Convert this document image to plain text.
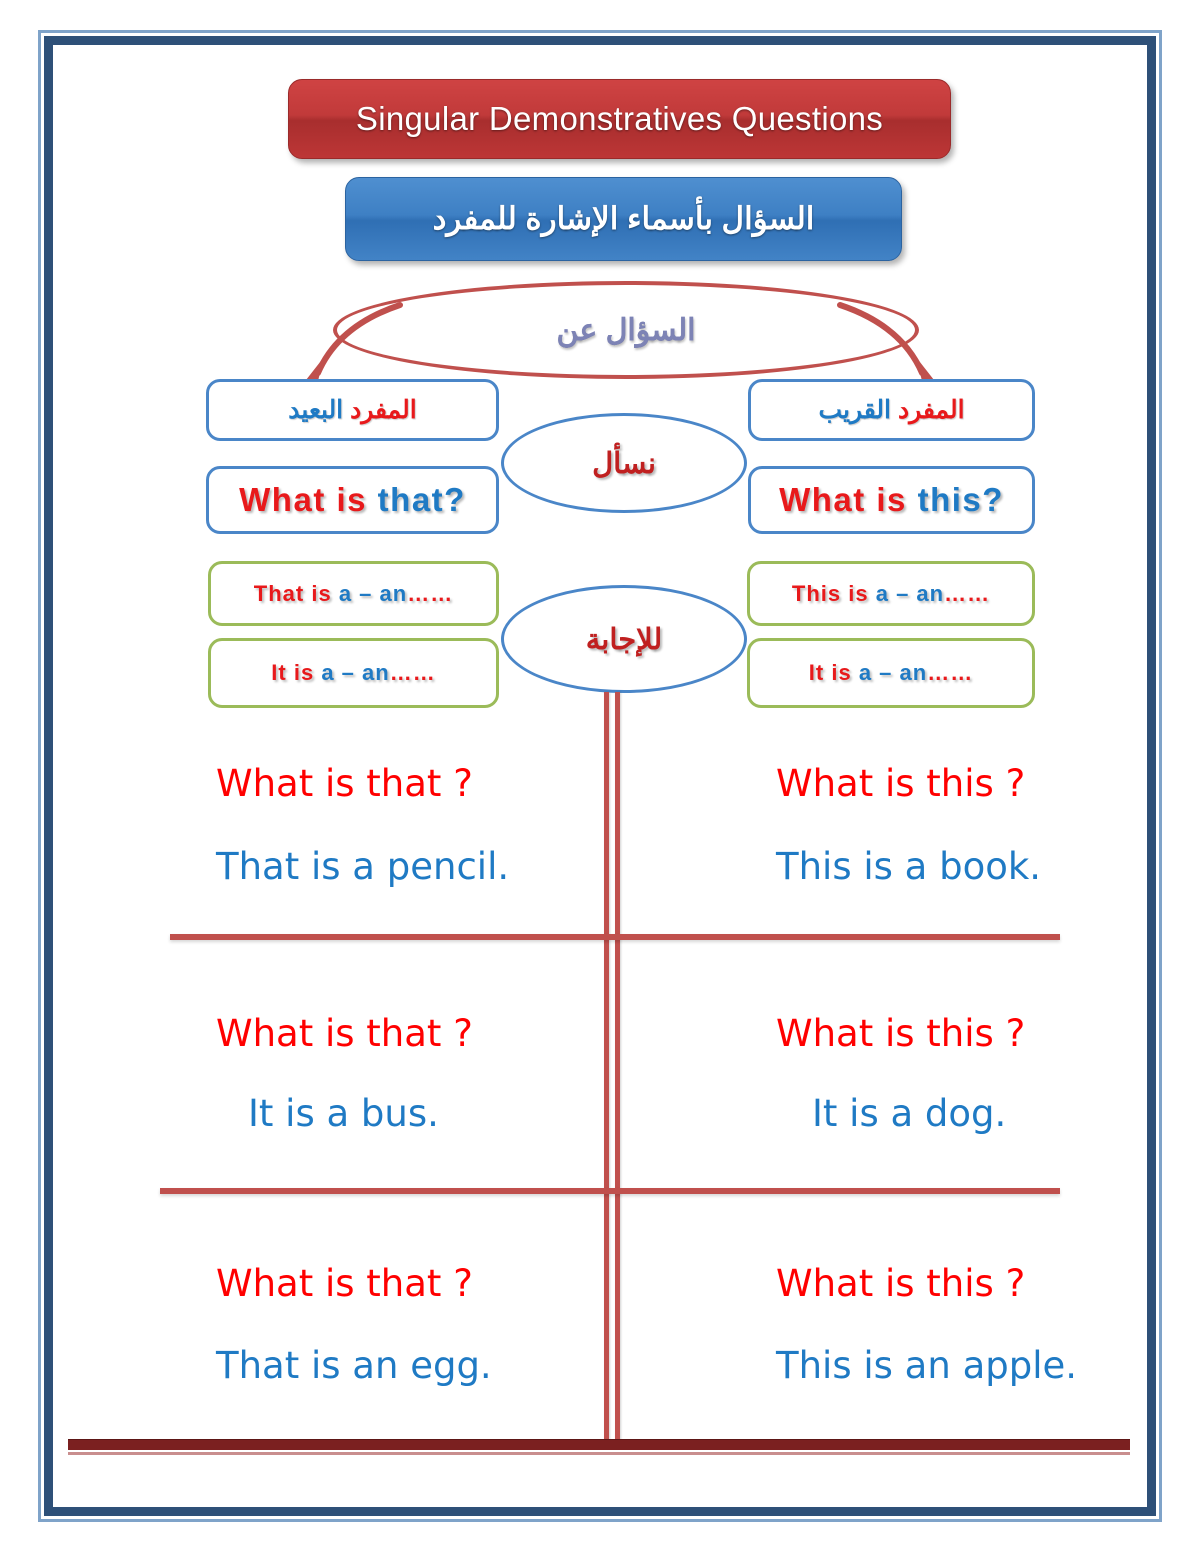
Singular Demonstratives Questions
السؤال بأسماء الإشارة للمفرد
السؤال عن
المفرد البعيد
What is that?
That is a – an……
It is a – an……
المفرد القريب
What is this?
This is a – an……
It is a – an……
نسأل
للإجابة
What is that ?
That is a pencil.
What is this ?
This is a book.
What is that ?
It is a bus.
What is this ?
It is a dog.
What is that ?
That is an egg.
What is this ?
This is an apple.
